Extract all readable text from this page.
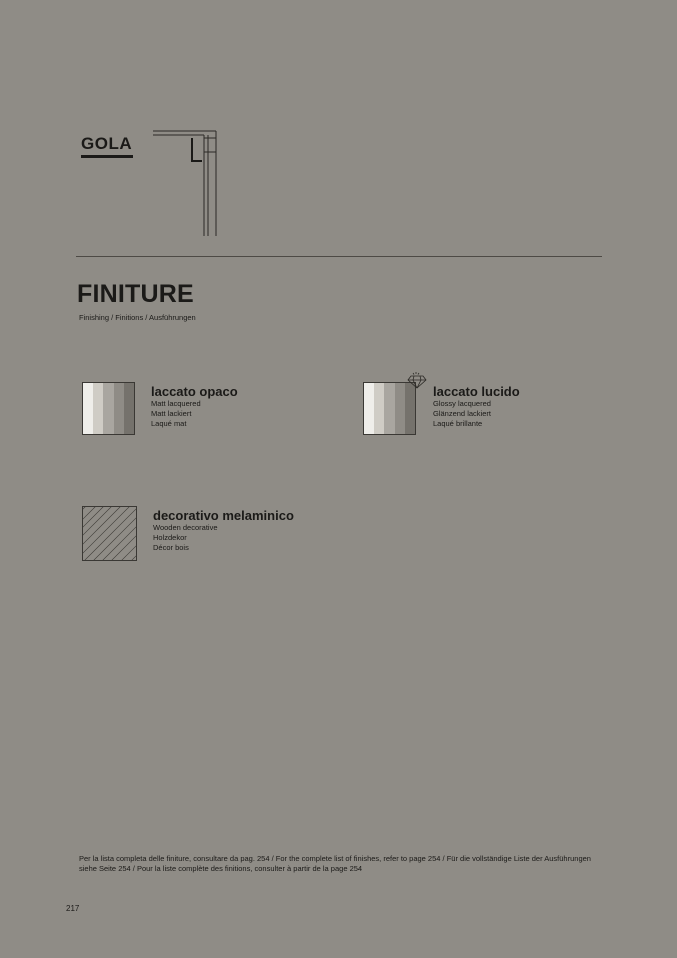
GOLA
FINITURE
Finishing / Finitions / Ausführungen
laccato opaco
Matt lacquered
Matt lackiert
Laqué mat
laccato lucido
Glossy lacquered
Glänzend lackiert
Laqué brillante
decorativo melaminico
Wooden decorative
Holzdekor
Décor bois
Per la lista completa delle finiture, consultare da pag. 254 / For the complete list of finishes, refer to page 254 / Für die vollständige Liste der Ausführungen siehe Seite 254 / Pour la liste complète des finitions, consulter à partir de la page 254
217
